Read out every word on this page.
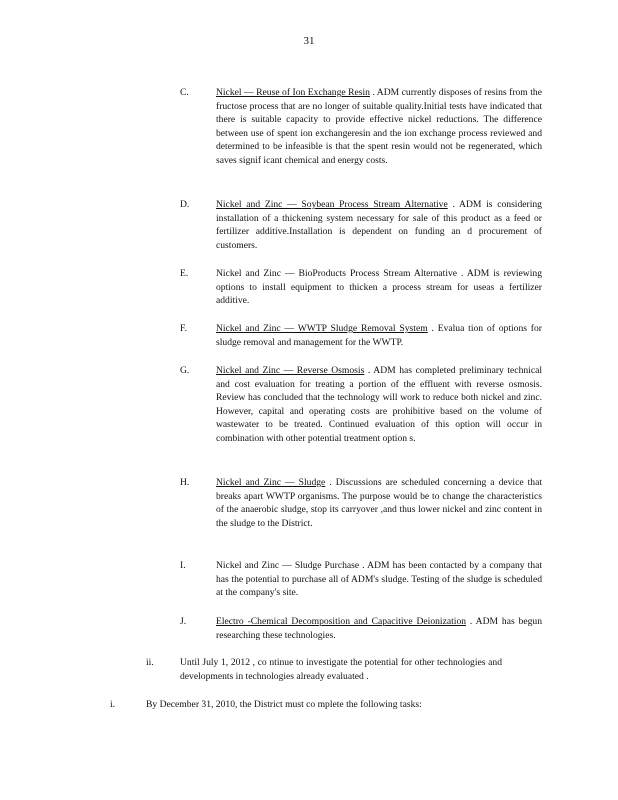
31
C.	Nickel — Reuse of Ion Exchange Resin . ADM currently disposes of resins from the fructose process that are no longer of suitable quality.Initial tests have indicated that there is suitable capacity to provide effective nickel reductions. The difference between use of spent ion exchangeresin and the ion exchange process reviewed and determined to be infeasible is that the spent resin would not be regenerated, which saves signif icant chemical and energy costs.
D.	Nickel and Zinc — Soybean Process Stream Alternative . ADM is considering installation of a thickening system necessary for sale of this product as a feed or fertilizer additive.Installation is dependent on funding an d procurement of customers.
E.	Nickel and Zinc — BioProducts Process Stream Alternative . ADM is reviewing options to install equipment to thicken a process stream for useas a fertilizer additive.
F.	Nickel and Zinc — WWTP Sludge Removal System . Evalua tion of options for sludge removal and management for the WWTP.
G.	Nickel and Zinc — Reverse Osmosis . ADM has completed preliminary technical and cost evaluation for treating a portion of the effluent with reverse osmosis. Review has concluded that the technology will work to reduce both nickel and zinc. However, capital and operating costs are prohibitive based on the volume of wastewater to be treated. Continued evaluation of this option will occur in combination with other potential treatment option s.
H.	Nickel and Zinc — Sludge . Discussions are scheduled concerning a device that breaks apart WWTP organisms. The purpose would be to change the characteristics of the anaerobic sludge, stop its carryover ,and thus lower nickel and zinc content in the sludge to the District.
I.	Nickel and Zinc — Sludge Purchase . ADM has been contacted by a company that has the potential to purchase all of ADM's sludge. Testing of the sludge is scheduled at the company's site.
J.	Electro -Chemical Decomposition and Capacitive Deionization . ADM has begun researching these technologies.
ii.	Until July 1, 2012 , co ntinue to investigate the potential for other technologies and developments in technologies already evaluated .
i.	By December 31, 2010, the District must co mplete the following tasks:
